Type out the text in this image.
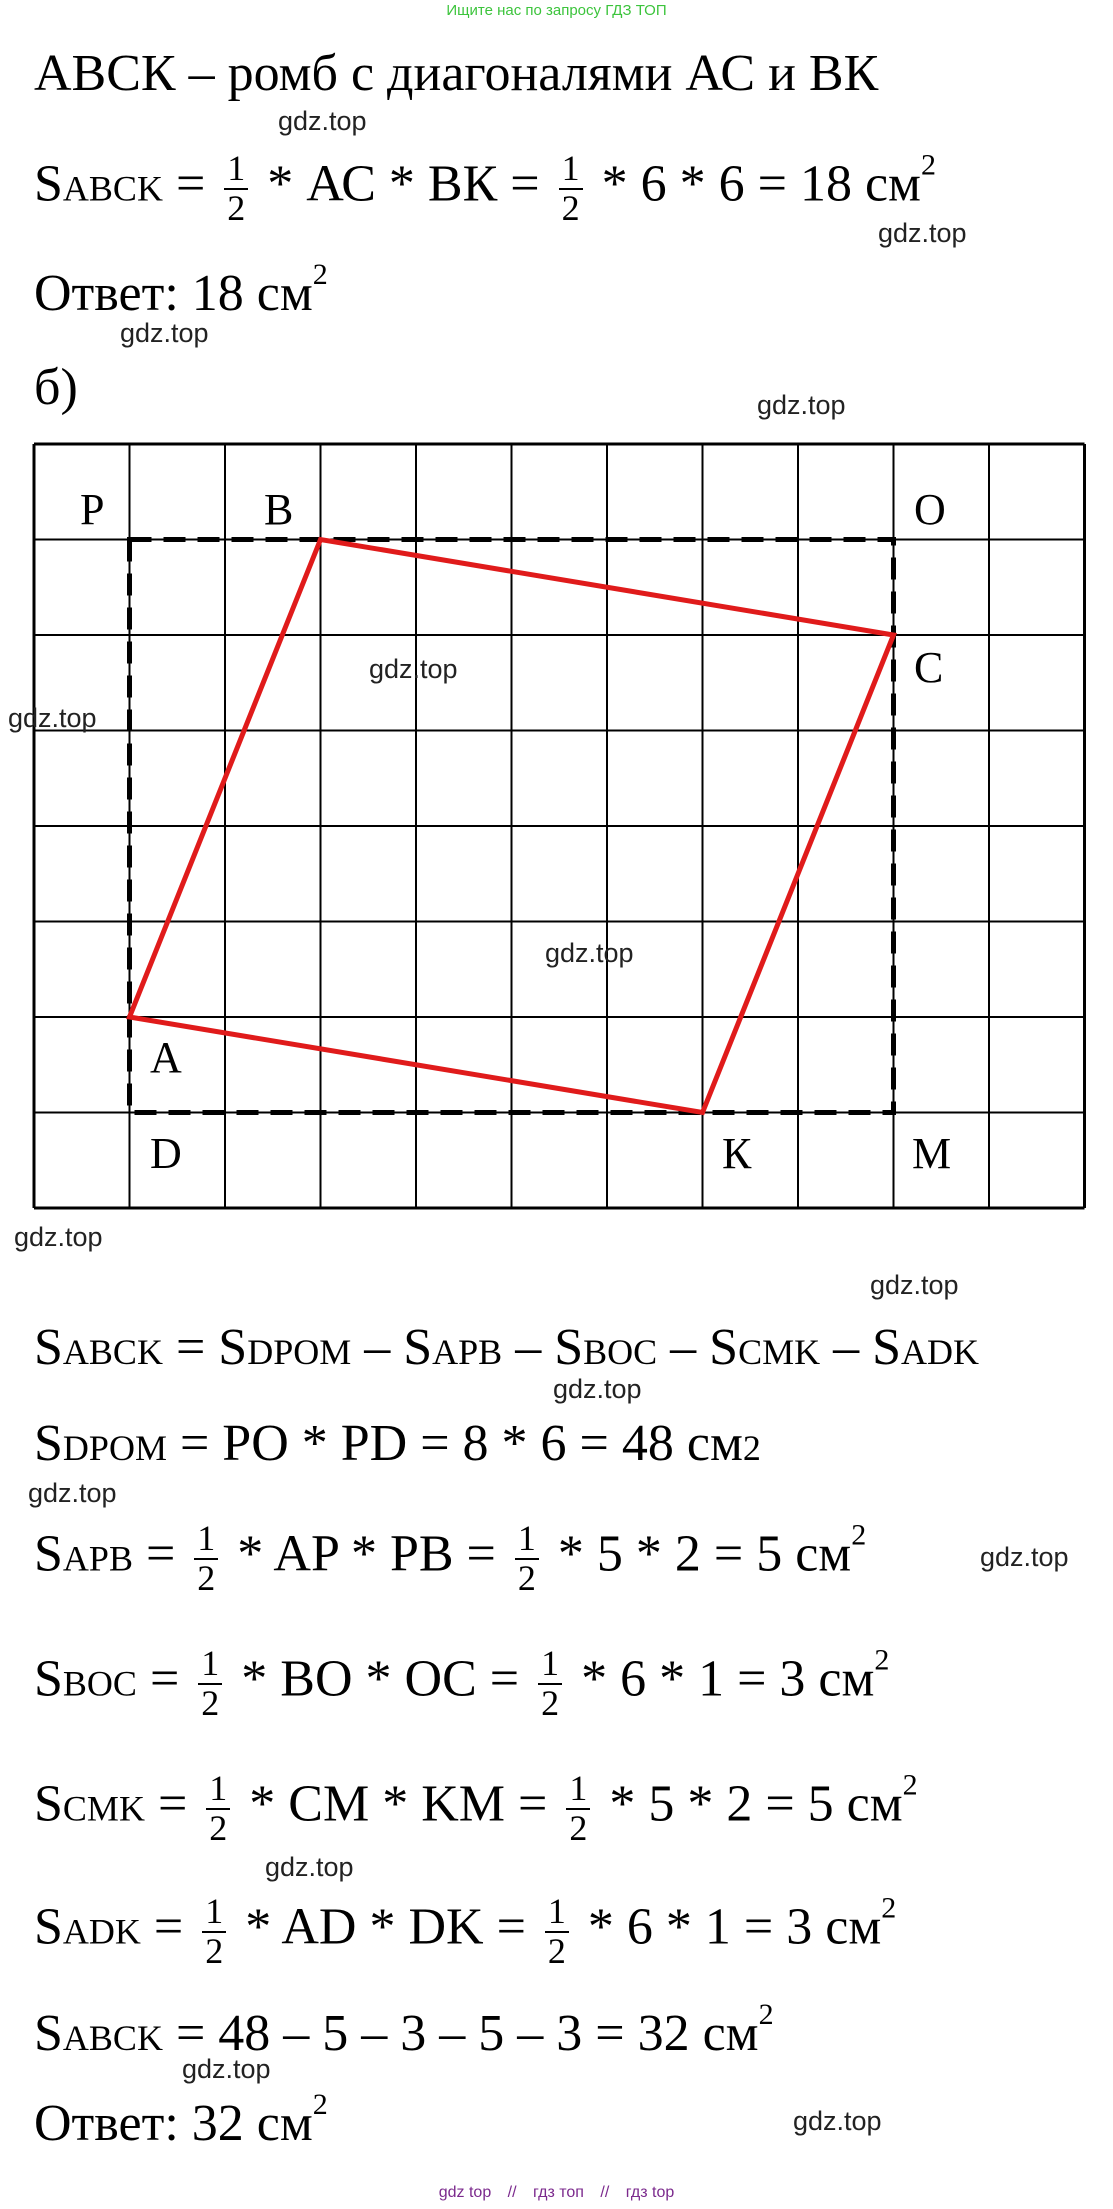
Ищите нас по запросу ГДЗ ТОП
АВСК – ромб с диагоналями АС и ВК
SABCK = $\frac{1}{2}$ * АС * ВК = $\frac{1}{2} * 6 * 6 = 18$ $см^2$
Ответ: 18 $см^2$
б)
P	B	O
C
A
D	К	M
SABCK = SDPOM – SAPB – SBOC – SCMK – SADK
SDPOM = PO * PD = 8 * 6 = 48 см2
SAPB = $\frac{1}{2}$ * AP * PB = $\frac{1}{2} * 5 * 2 = 5$ $см^2$
SBOC = $\frac{1}{2}$ * BO * OC = $\frac{1}{2} * 6 * 1 = 3$ $см^2$
SCMK = $\frac{1}{2}$ * CM * KM = $\frac{1}{2} * 5 * 2 = 5$ $см^2$
SADK = $\frac{1}{2}$ * AD * DK = $\frac{1}{2} * 6 * 1 = 3$ $см^2$
SABCK = 48 – 5 – 3 – 5 – 3 = 32 $см^2$
Ответ: 32 $см^2$
gdz.top
gdz.top
gdz.top
gdz.top
gdz.top
gdz.top
gdz.top
gdz.top
gdz.top
gdz.top
gdz.top
gdz.top
gdz.top
gdz.top
gdz.top
gdz top // гдз топ // гдз top
